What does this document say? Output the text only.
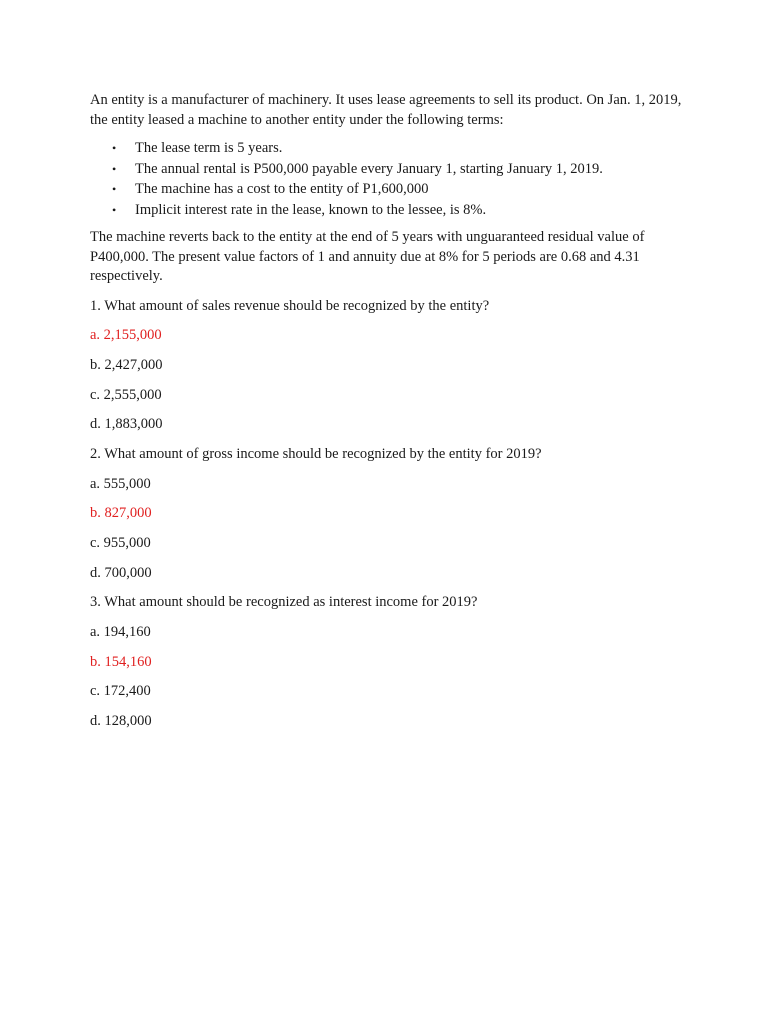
An entity is a manufacturer of machinery. It uses lease agreements to sell its product. On Jan. 1, 2019, the entity leased a machine to another entity under the following terms:

• The lease term is 5 years.
• The annual rental is P500,000 payable every January 1, starting January 1, 2019.
• The machine has a cost to the entity of P1,600,000
• Implicit interest rate in the lease, known to the lessee, is 8%.

The machine reverts back to the entity at the end of 5 years with unguaranteed residual value of P400,000. The present value factors of 1 and annuity due at 8% for 5 periods are 0.68 and 4.31 respectively.

1. What amount of sales revenue should be recognized by the entity?

a. 2,155,000

b. 2,427,000

c. 2,555,000

d. 1,883,000

2. What amount of gross income should be recognized by the entity for 2019?

a. 555,000

b. 827,000

c. 955,000

d. 700,000

3. What amount should be recognized as interest income for 2019?

a. 194,160

b. 154,160

c. 172,400

d. 128,000
